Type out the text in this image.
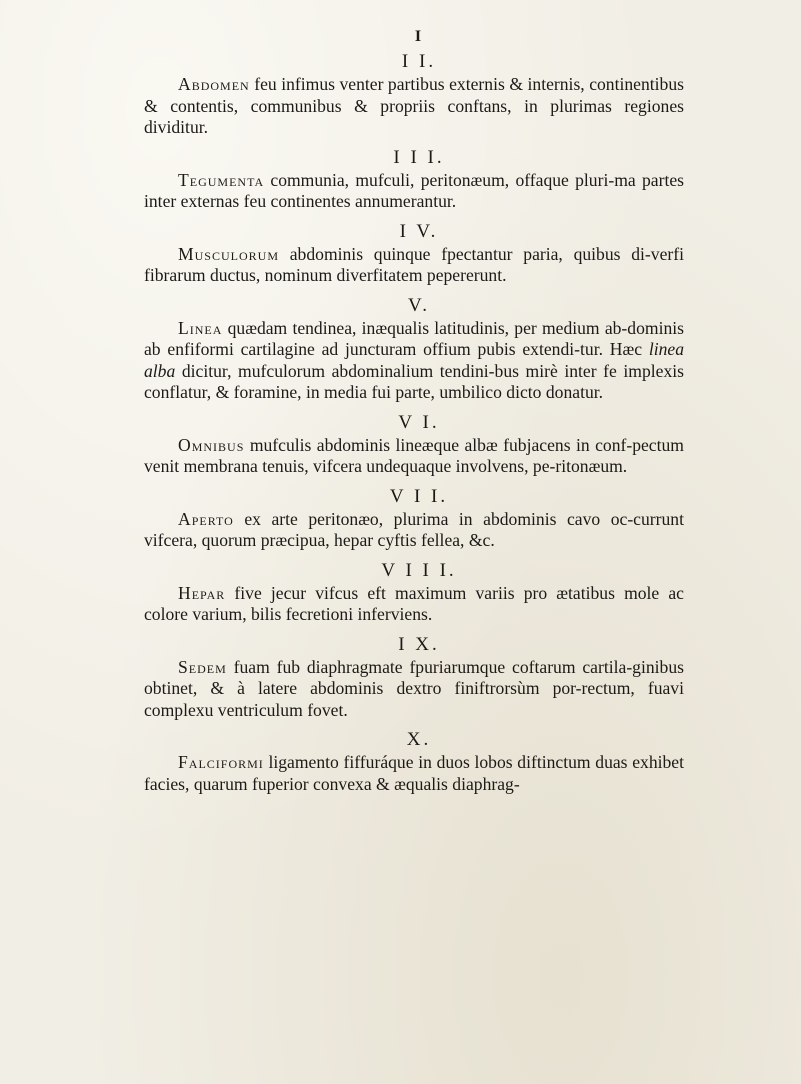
I
I I.

Abdomen feu infimus venter partibus externis & internis, continentibus & contentis, communibus & propriis conftans, in plurimas regiones dividitur.

I I I.

Tegumenta communia, mufculi, peritonæum, offaque pluri-ma partes inter externas feu continentes annumerantur.

I V.

Musculorum abdominis quinque fpectantur paria, quibus di-verfi fibrarum ductus, nominum diverfitatem pepererunt.

V.

Linea quædam tendinea, inæqualis latitudinis, per medium ab-dominis ab enfiformi cartilagine ad juncturam offium pubis extendi-tur. Hæc linea alba dicitur, mufculorum abdominalium tendini-bus mirè inter fe implexis conflatur, & foramine, in media fui parte, umbilico dicto donatur.

V I.

Omnibus mufculis abdominis lineæque albæ fubjacens in conf-pectum venit membrana tenuis, vifcera undequaque involvens, pe-ritonæum.

V I I.

Aperto ex arte peritonæo, plurima in abdominis cavo oc-currunt vifcera, quorum præcipua, hepar cyftis fellea, &c.

V I I I.

Hepar five jecur vifcus eft maximum variis pro ætatibus mole ac colore varium, bilis fecretioni inferviens.

I X.

Sedem fuam fub diaphragmate fpuriarumque coftarum cartila-ginibus obtinet, & à latere abdominis dextro finiftrorsùm por-rectum, fuavi complexu ventriculum fovet.

X.

Falciformi ligamento fiffuráque in duos lobos diftinctum duas exhibet facies, quarum fuperior convexa & æqualis diaphrag-
